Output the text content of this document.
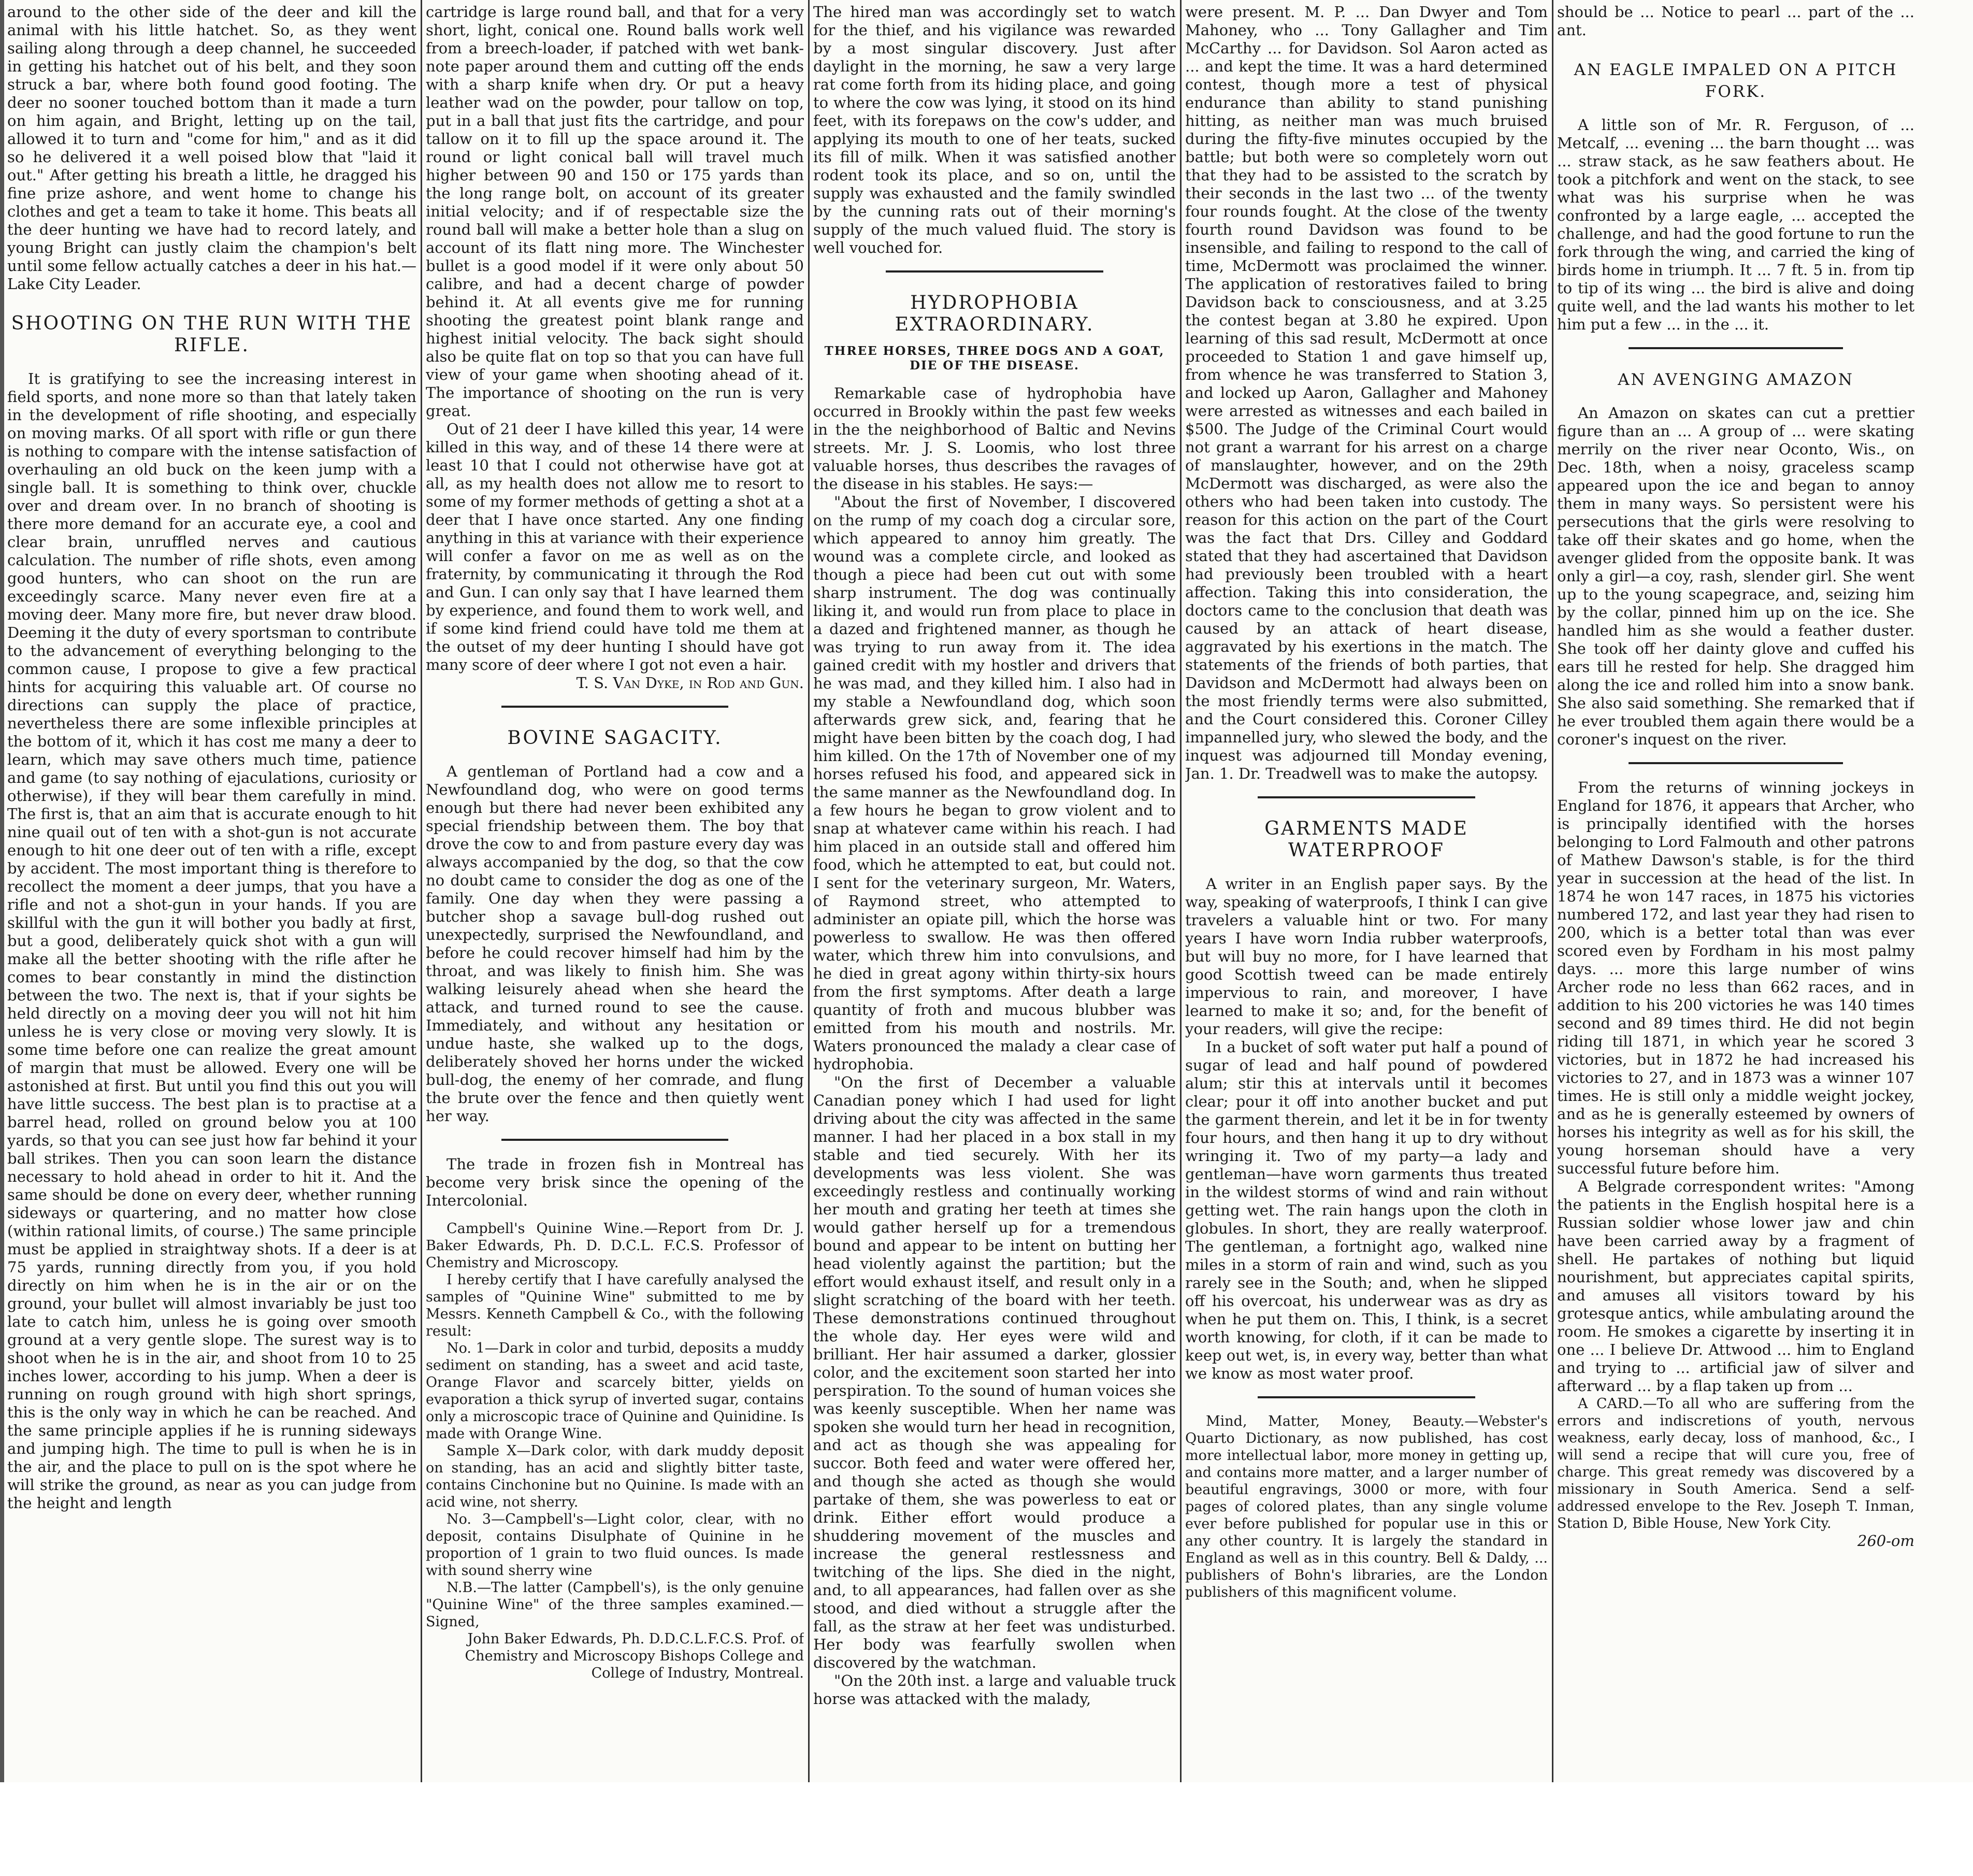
around to the other side of the deer and kill the animal with his little hatchet. So, as they went sailing along through a deep channel, he succeeded in getting his hatchet out of his belt, and they soon struck a bar, where both found good footing. The deer no sooner touched bottom than it made a turn on him again, and Bright, letting up on the tail, allowed it to turn and "come for him," and as it did so he delivered it a well poised blow that "laid it out." After getting his breath a little, he dragged his fine prize ashore, and went home to change his clothes and get a team to take it home. This beats all the deer hunting we have had to record lately, and young Bright can justly claim the champion's belt until some fellow actually catches a deer in his hat.—Lake City Leader.

SHOOTING ON THE RUN WITH THE RIFLE.

It is gratifying to see the increasing interest in field sports, and none more so than that lately taken in the development of rifle shooting, and especially on moving marks. Of all sport with rifle or gun there is nothing to compare with the intense satisfaction of overhauling an old buck on the keen jump with a single ball. It is something to think over, chuckle over and dream over. In no branch of shooting is there more demand for an accurate eye, a cool and clear brain, unruffled nerves and cautious calculation. The number of rifle shots, even among good hunters, who can shoot on the run are exceedingly scarce. Many never even fire at a moving deer. Many more fire, but never draw blood. Deeming it the duty of every sportsman to contribute to the advancement of everything belonging to the common cause, I propose to give a few practical hints for acquiring this valuable art. Of course no directions can supply the place of practice, nevertheless there are some inflexible principles at the bottom of it, which it has cost me many a deer to learn, which may save others much time, patience and game (to say nothing of ejaculations, curiosity or otherwise), if they will bear them carefully in mind. The first is, that an aim that is accurate enough to hit nine quail out of ten with a shot-gun is not accurate enough to hit one deer out of ten with a rifle, except by accident. The most important thing is therefore to recollect the moment a deer jumps, that you have a rifle and not a shot-gun in your hands. If you are skillful with the gun it will bother you badly at first, but a good, deliberately quick shot with a gun will make all the better shooting with the rifle after he comes to bear constantly in mind the distinction between the two. The next is, that if your sights be held directly on a moving deer you will not hit him unless he is very close or moving very slowly. It is some time before one can realize the great amount of margin that must be allowed. Every one will be astonished at first. But until you find this out you will have little success. The best plan is to practise at a barrel head, rolled on ground below you at 100 yards, so that you can see just how far behind it your ball strikes. Then you can soon learn the distance necessary to hold ahead in order to hit it. And the same should be done on every deer, whether running sideways or quartering, and no matter how close (within rational limits, of course.) The same principle must be applied in straightway shots. If a deer is at 75 yards, running directly from you, if you hold directly on him when he is in the air or on the ground, your bullet will almost invariably be just too late to catch him, unless he is going over smooth ground at a very gentle slope. The surest way is to shoot when he is in the air, and shoot from 10 to 25 inches lower, according to his jump. When a deer is running on rough ground with high short springs, this is the only way in which he can be reached. And the same principle applies if he is running sideways and jumping high. The time to pull is when he is in the air, and the place to pull on is the spot where he will strike the ground, as near as you can judge from the height and length

cartridge is large round ball, and that for a very short, light, conical one. Round balls work well from a breech-loader, if patched with wet bank-note paper around them and cutting off the ends with a sharp knife when dry. Or put a heavy leather wad on the powder, pour tallow on top, put in a ball that just fits the cartridge, and pour tallow on it to fill up the space around it. The round or light conical ball will travel much higher between 90 and 150 or 175 yards than the long range bolt, on account of its greater initial velocity; and if of respectable size the round ball will make a better hole than a slug on account of its flatt ning more. The Winchester bullet is a good model if it were only about 50 calibre, and had a decent charge of powder behind it. At all events give me for running shooting the greatest point blank range and highest initial velocity. The back sight should also be quite flat on top so that you can have full view of your game when shooting ahead of it. The importance of shooting on the run is very great.

Out of 21 deer I have killed this year, 14 were killed in this way, and of these 14 there were at least 10 that I could not otherwise have got at all, as my health does not allow me to resort to some of my former methods of getting a shot at a deer that I have once started. Any one finding anything in this at variance with their experience will confer a favor on me as well as on the fraternity, by communicating it through the Rod and Gun. I can only say that I have learned them by experience, and found them to work well, and if some kind friend could have told me them at the outset of my deer hunting I should have got many score of deer where I got not even a hair.

T. S. Van Dyke, in Rod and Gun.
BOVINE SAGACITY.

A gentleman of Portland had a cow and a Newfoundland dog, who were on good terms enough but there had never been exhibited any special friendship between them. The boy that drove the cow to and from pasture every day was always accompanied by the dog, so that the cow no doubt came to consider the dog as one of the family. One day when they were passing a butcher shop a savage bull-dog rushed out unexpectedly, surprised the Newfoundland, and before he could recover himself had him by the throat, and was likely to finish him. She was walking leisurely ahead when she heard the attack, and turned round to see the cause. Immediately, and without any hesitation or undue haste, she walked up to the dogs, deliberately shoved her horns under the wicked bull-dog, the enemy of her comrade, and flung the brute over the fence and then quietly went her way.

The trade in frozen fish in Montreal has become very brisk since the opening of the Intercolonial.

Campbell's Quinine Wine.—Report from Dr. J. Baker Edwards, Ph. D. D.C.L. F.C.S. Professor of Chemistry and Microscopy.

I hereby certify that I have carefully analysed the samples of "Quinine Wine" submitted to me by Messrs. Kenneth Campbell & Co., with the following result:

No. 1—Dark in color and turbid, deposits a muddy sediment on standing, has a sweet and acid taste, Orange Flavor and scarcely bitter, yields on evaporation a thick syrup of inverted sugar, contains only a microscopic trace of Quinine and Quinidine. Is made with Orange Wine.

Sample X—Dark color, with dark muddy deposit on standing, has an acid and slightly bitter taste, contains Cinchonine but no Quinine. Is made with an acid wine, not sherry.

No. 3—Campbell's—Light color, clear, with no deposit, contains Disulphate of Quinine in he proportion of 1 grain to two fluid ounces. Is made with sound sherry wine

N.B.—The latter (Campbell's), is the only genuine "Quinine Wine" of the three samples examined.—Signed,

John Baker Edwards, Ph. D.D.C.L.F.C.S. Prof. of Chemistry and Microscopy Bishops College and College of Industry, Montreal.

The hired man was accordingly set to watch for the thief, and his vigilance was rewarded by a most singular discovery. Just after daylight in the morning, he saw a very large rat come forth from its hiding place, and going to where the cow was lying, it stood on its hind feet, with its forepaws on the cow's udder, and applying its mouth to one of her teats, sucked its fill of milk. When it was satisfied another rodent took its place, and so on, until the supply was exhausted and the family swindled by the cunning rats out of their morning's supply of the much valued fluid. The story is well vouched for.

HYDROPHOBIA EXTRAORDINARY.
THREE HORSES, THREE DOGS AND A GOAT, DIE OF THE DISEASE.

Remarkable case of hydrophobia have occurred in Brookly within the past few weeks in the the neighborhood of Baltic and Nevins streets. Mr. J. S. Loomis, who lost three valuable horses, thus describes the ravages of the disease in his stables. He says:—

"About the first of November, I discovered on the rump of my coach dog a circular sore, which appeared to annoy him greatly. The wound was a complete circle, and looked as though a piece had been cut out with some sharp instrument. The dog was continually liking it, and would run from place to place in a dazed and frightened manner, as though he was trying to run away from it. The idea gained credit with my hostler and drivers that he was mad, and they killed him. I also had in my stable a Newfoundland dog, which soon afterwards grew sick, and, fearing that he might have been bitten by the coach dog, I had him killed. On the 17th of November one of my horses refused his food, and appeared sick in the same manner as the Newfoundland dog. In a few hours he began to grow violent and to snap at whatever came within his reach. I had him placed in an outside stall and offered him food, which he attempted to eat, but could not. I sent for the veterinary surgeon, Mr. Waters, of Raymond street, who attempted to administer an opiate pill, which the horse was powerless to swallow. He was then offered water, which threw him into convulsions, and he died in great agony within thirty-six hours from the first symptoms. After death a large quantity of froth and mucous blubber was emitted from his mouth and nostrils. Mr. Waters pronounced the malady a clear case of hydrophobia.

"On the first of December a valuable Canadian poney which I had used for light driving about the city was affected in the same manner. I had her placed in a box stall in my stable and tied securely. With her its developments was less violent. She was exceedingly restless and continually working her mouth and grating her teeth at times she would gather herself up for a tremendous bound and appear to be intent on butting her head violently against the partition; but the effort would exhaust itself, and result only in a slight scratching of the board with her teeth. These demonstrations continued throughout the whole day. Her eyes were wild and brilliant. Her hair assumed a darker, glossier color, and the excitement soon started her into perspiration. To the sound of human voices she was keenly susceptible. When her name was spoken she would turn her head in recognition, and act as though she was appealing for succor. Both feed and water were offered her, and though she acted as though she would partake of them, she was powerless to eat or drink. Either effort would produce a shuddering movement of the muscles and increase the general restlessness and twitching of the lips. She died in the night, and, to all appearances, had fallen over as she stood, and died without a struggle after the fall, as the straw at her feet was undisturbed. Her body was fearfully swollen when discovered by the watchman.

"On the 20th inst. a large and valuable truck horse was attacked with the malady,

were present. M. P. ... Dan Dwyer and Tom Mahoney, who ... Tony Gallagher and Tim McCarthy ... for Davidson. Sol Aaron acted as ... and kept the time. It was a hard determined contest, though more a test of physical endurance than ability to stand punishing hitting, as neither man was much bruised during the fifty-five minutes occupied by the battle; but both were so completely worn out that they had to be assisted to the scratch by their seconds in the last two ... of the twenty four rounds fought. At the close of the twenty fourth round Davidson was found to be insensible, and failing to respond to the call of time, McDermott was proclaimed the winner. The application of restoratives failed to bring Davidson back to consciousness, and at 3.25 the contest began at 3.80 he expired. Upon learning of this sad result, McDermott at once proceeded to Station 1 and gave himself up, from whence he was transferred to Station 3, and locked up Aaron, Gallagher and Mahoney were arrested as witnesses and each bailed in $500. The Judge of the Criminal Court would not grant a warrant for his arrest on a charge of manslaughter, however, and on the 29th McDermott was discharged, as were also the others who had been taken into custody. The reason for this action on the part of the Court was the fact that Drs. Cilley and Goddard stated that they had ascertained that Davidson had previously been troubled with a heart affection. Taking this into consideration, the doctors came to the conclusion that death was caused by an attack of heart disease, aggravated by his exertions in the match. The statements of the friends of both parties, that Davidson and McDermott had always been on the most friendly terms were also submitted, and the Court considered this. Coroner Cilley impannelled jury, who slewed the body, and the inquest was adjourned till Monday evening, Jan. 1. Dr. Treadwell was to make the autopsy.

GARMENTS MADE WATERPROOF

A writer in an English paper says. By the way, speaking of waterproofs, I think I can give travelers a valuable hint or two. For many years I have worn India rubber waterproofs, but will buy no more, for I have learned that good Scottish tweed can be made entirely impervious to rain, and moreover, I have learned to make it so; and, for the benefit of your readers, will give the recipe:

In a bucket of soft water put half a pound of sugar of lead and half pound of powdered alum; stir this at intervals until it becomes clear; pour it off into another bucket and put the garment therein, and let it be in for twenty four hours, and then hang it up to dry without wringing it. Two of my party—a lady and gentleman—have worn garments thus treated in the wildest storms of wind and rain without getting wet. The rain hangs upon the cloth in globules. In short, they are really waterproof. The gentleman, a fortnight ago, walked nine miles in a storm of rain and wind, such as you rarely see in the South; and, when he slipped off his overcoat, his underwear was as dry as when he put them on. This, I think, is a secret worth knowing, for cloth, if it can be made to keep out wet, is, in every way, better than what we know as most water proof.

Mind, Matter, Money, Beauty.—Webster's Quarto Dictionary, as now published, has cost more intellectual labor, more money in getting up, and contains more matter, and a larger number of beautiful engravings, 3000 or more, with four pages of colored plates, than any single volume ever before published for popular use in this or any other country. It is largely the standard in England as well as in this country. Bell & Daldy, ... publishers of Bohn's libraries, are the London publishers of this magnificent volume.

should be ... Notice to pearl ... part of the ... ant.

AN EAGLE IMPALED ON A PITCH FORK.

A little son of Mr. R. Ferguson, of ... Metcalf, ... evening ... the barn thought ... was ... straw stack, as he saw feathers about. He took a pitchfork and went on the stack, to see what was his surprise when he was confronted by a large eagle, ... accepted the challenge, and had the good fortune to run the fork through the wing, and carried the king of birds home in triumph. It ... 7 ft. 5 in. from tip to tip of its wing ... the bird is alive and doing quite well, and the lad wants his mother to let him put a few ... in the ... it.

AN AVENGING AMAZON

An Amazon on skates can cut a prettier figure than an ... A group of ... were skating merrily on the river near Oconto, Wis., on Dec. 18th, when a noisy, graceless scamp appeared upon the ice and began to annoy them in many ways. So persistent were his persecutions that the girls were resolving to take off their skates and go home, when the avenger glided from the opposite bank. It was only a girl—a coy, rash, slender girl. She went up to the young scapegrace, and, seizing him by the collar, pinned him up on the ice. She handled him as she would a feather duster. She took off her dainty glove and cuffed his ears till he rested for help. She dragged him along the ice and rolled him into a snow bank. She also said something. She remarked that if he ever troubled them again there would be a coroner's inquest on the river.

From the returns of winning jockeys in England for 1876, it appears that Archer, who is principally identified with the horses belonging to Lord Falmouth and other patrons of Mathew Dawson's stable, is for the third year in succession at the head of the list. In 1874 he won 147 races, in 1875 his victories numbered 172, and last year they had risen to 200, which is a better total than was ever scored even by Fordham in his most palmy days. ... more this large number of wins Archer rode no less than 662 races, and in addition to his 200 victories he was 140 times second and 89 times third. He did not begin riding till 1871, in which year he scored 3 victories, but in 1872 he had increased his victories to 27, and in 1873 was a winner 107 times. He is still only a middle weight jockey, and as he is generally esteemed by owners of horses his integrity as well as for his skill, the young horseman should have a very successful future before him.

A Belgrade correspondent writes: "Among the patients in the English hospital here is a Russian soldier whose lower jaw and chin have been carried away by a fragment of shell. He partakes of nothing but liquid nourishment, but appreciates capital spirits, and amuses all visitors toward by his grotesque antics, while ambulating around the room. He smokes a cigarette by inserting it in one ... I believe Dr. Attwood ... him to England and trying to ... artificial jaw of silver and afterward ... by a flap taken up from ...

A CARD.—To all who are suffering from the errors and indiscretions of youth, nervous weakness, early decay, loss of manhood, &c., I will send a recipe that will cure you, free of charge. This great remedy was discovered by a missionary in South America. Send a self-addressed envelope to the Rev. Joseph T. Inman, Station D, Bible House, New York City.

260-om
